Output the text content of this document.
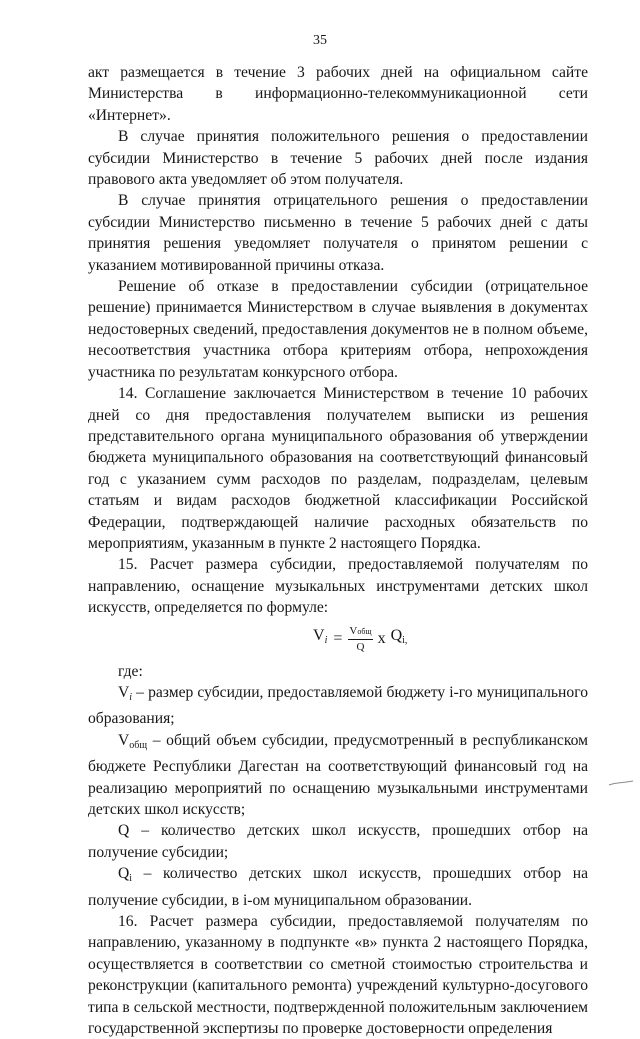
35

акт размещается в течение 3 рабочих дней на официальном сайте Министерства в информационно-телекоммуникационной сети «Интернет».

В случае принятия положительного решения о предоставлении субсидии Министерство в течение 5 рабочих дней после издания правового акта уведомляет об этом получателя.

В случае принятия отрицательного решения о предоставлении субсидии Министерство письменно в течение 5 рабочих дней с даты принятия решения уведомляет получателя о принятом решении с указанием мотивированной причины отказа.

Решение об отказе в предоставлении субсидии (отрицательное решение) принимается Министерством в случае выявления в документах недостоверных сведений, предоставления документов не в полном объеме, несоответствия участника отбора критериям отбора, непрохождения участника по результатам конкурсного отбора.

14. Соглашение заключается Министерством в течение 10 рабочих дней со дня предоставления получателем выписки из решения представительного органа муниципального образования об утверждении бюджета муниципального образования на соответствующий финансовый год с указанием сумм расходов по разделам, подразделам, целевым статьям и видам расходов бюджетной классификации Российской Федерации, подтверждающей наличие расходных обязательств по мероприятиям, указанным в пункте 2 настоящего Порядка.

15. Расчет размера субсидии, предоставляемой получателям по направлению, оснащение музыкальных инструментами детских школ искусств, определяется по формуле:

$V_i = \frac{\text{Vобщ}}{Q}$ x $Q_{i,}$

где:

$V_i$ – размер субсидии, предоставляемой бюджету i-го муниципального образования;

$V_{общ}$ – общий объем субсидии, предусмотренный в республиканском бюджете Республики Дагестан на соответствующий финансовый год на реализацию мероприятий по оснащению музыкальными инструментами детских школ искусств;

Q – количество детских школ искусств, прошедших отбор на получение субсидии;

$Q_i$ – количество детских школ искусств, прошедших отбор на получение субсидии, в i-ом муниципальном образовании.

16. Расчет размера субсидии, предоставляемой получателям по направлению, указанному в подпункте «в» пункта 2 настоящего Порядка, осуществляется в соответствии со сметной стоимостью строительства и реконструкции (капитального ремонта) учреждений культурно-досугового типа в сельской местности, подтвержденной положительным заключением государственной экспертизы по проверке достоверности определения
